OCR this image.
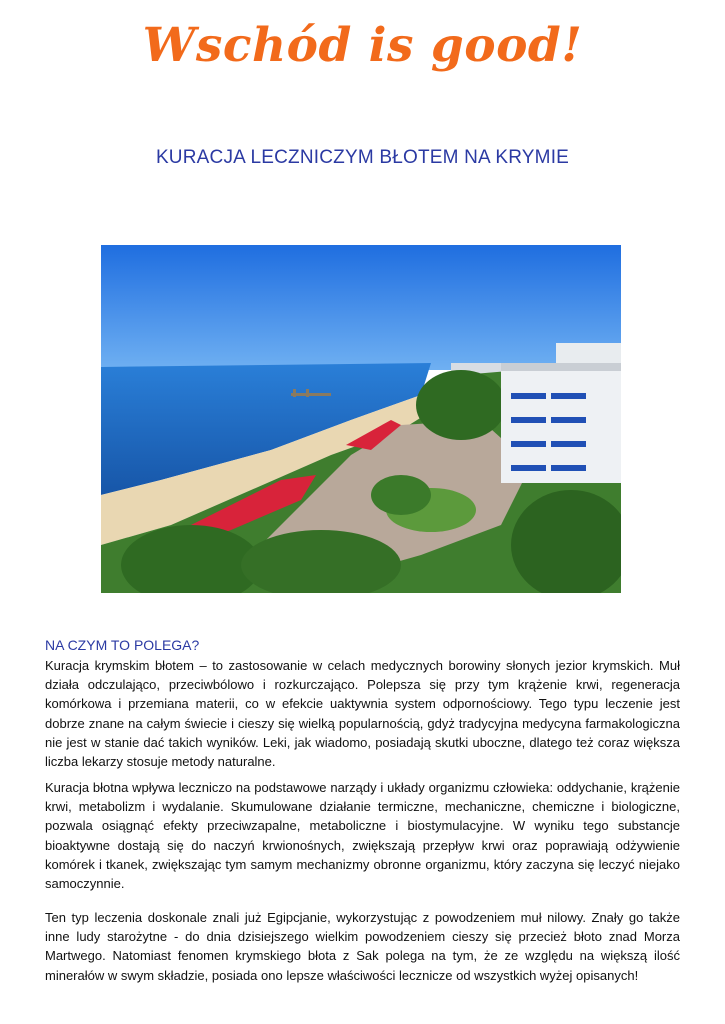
Wschód is good!
KURACJA LECZNICZYM BŁOTEM NA KRYMIE
NA CZYM TO POLEGA?

Kuracja krymskim błotem – to zastosowanie w celach medycznych borowiny słonych jezior krymskich. Muł działa odczulająco, przeciwbólowo i rozkurczająco. Polepsza się przy tym krążenie krwi, regeneracja komórkowa i przemiana materii, co w efekcie uaktywnia system odpornościowy. Tego typu leczenie jest dobrze znane na całym świecie i cieszy się wielką popularnością, gdyż tradycyjna medycyna farmakologiczna nie jest w stanie dać takich wyników. Leki, jak wiadomo, posiadają skutki uboczne, dlatego też coraz większa liczba lekarzy stosuje metody naturalne.

Kuracja błotna wpływa leczniczo na podstawowe narządy i układy organizmu człowieka: oddychanie, krążenie krwi, metabolizm i wydalanie. Skumulowane działanie termiczne, mechaniczne, chemiczne i biologiczne, pozwala osiągnąć efekty przeciwzapalne, metaboliczne i biostymulacyjne. W wyniku tego substancje bioaktywne dostają się do naczyń krwionośnych, zwiększają przepływ krwi oraz poprawiają odżywienie komórek i tkanek, zwiększając tym samym mechanizmy obronne organizmu, który zaczyna się leczyć niejako samoczynnie.

Ten typ leczenia doskonale znali już Egipcjanie, wykorzystując z powodzeniem muł nilowy. Znały go także inne ludy starożytne - do dnia dzisiejszego wielkim powodzeniem cieszy się przecież błoto znad Morza Martwego. Natomiast fenomen krymskiego błota z Sak polega na tym, że ze względu na większą ilość minerałów w swym składzie, posiada ono lepsze właściwości lecznicze od wszystkich wyżej opisanych!
